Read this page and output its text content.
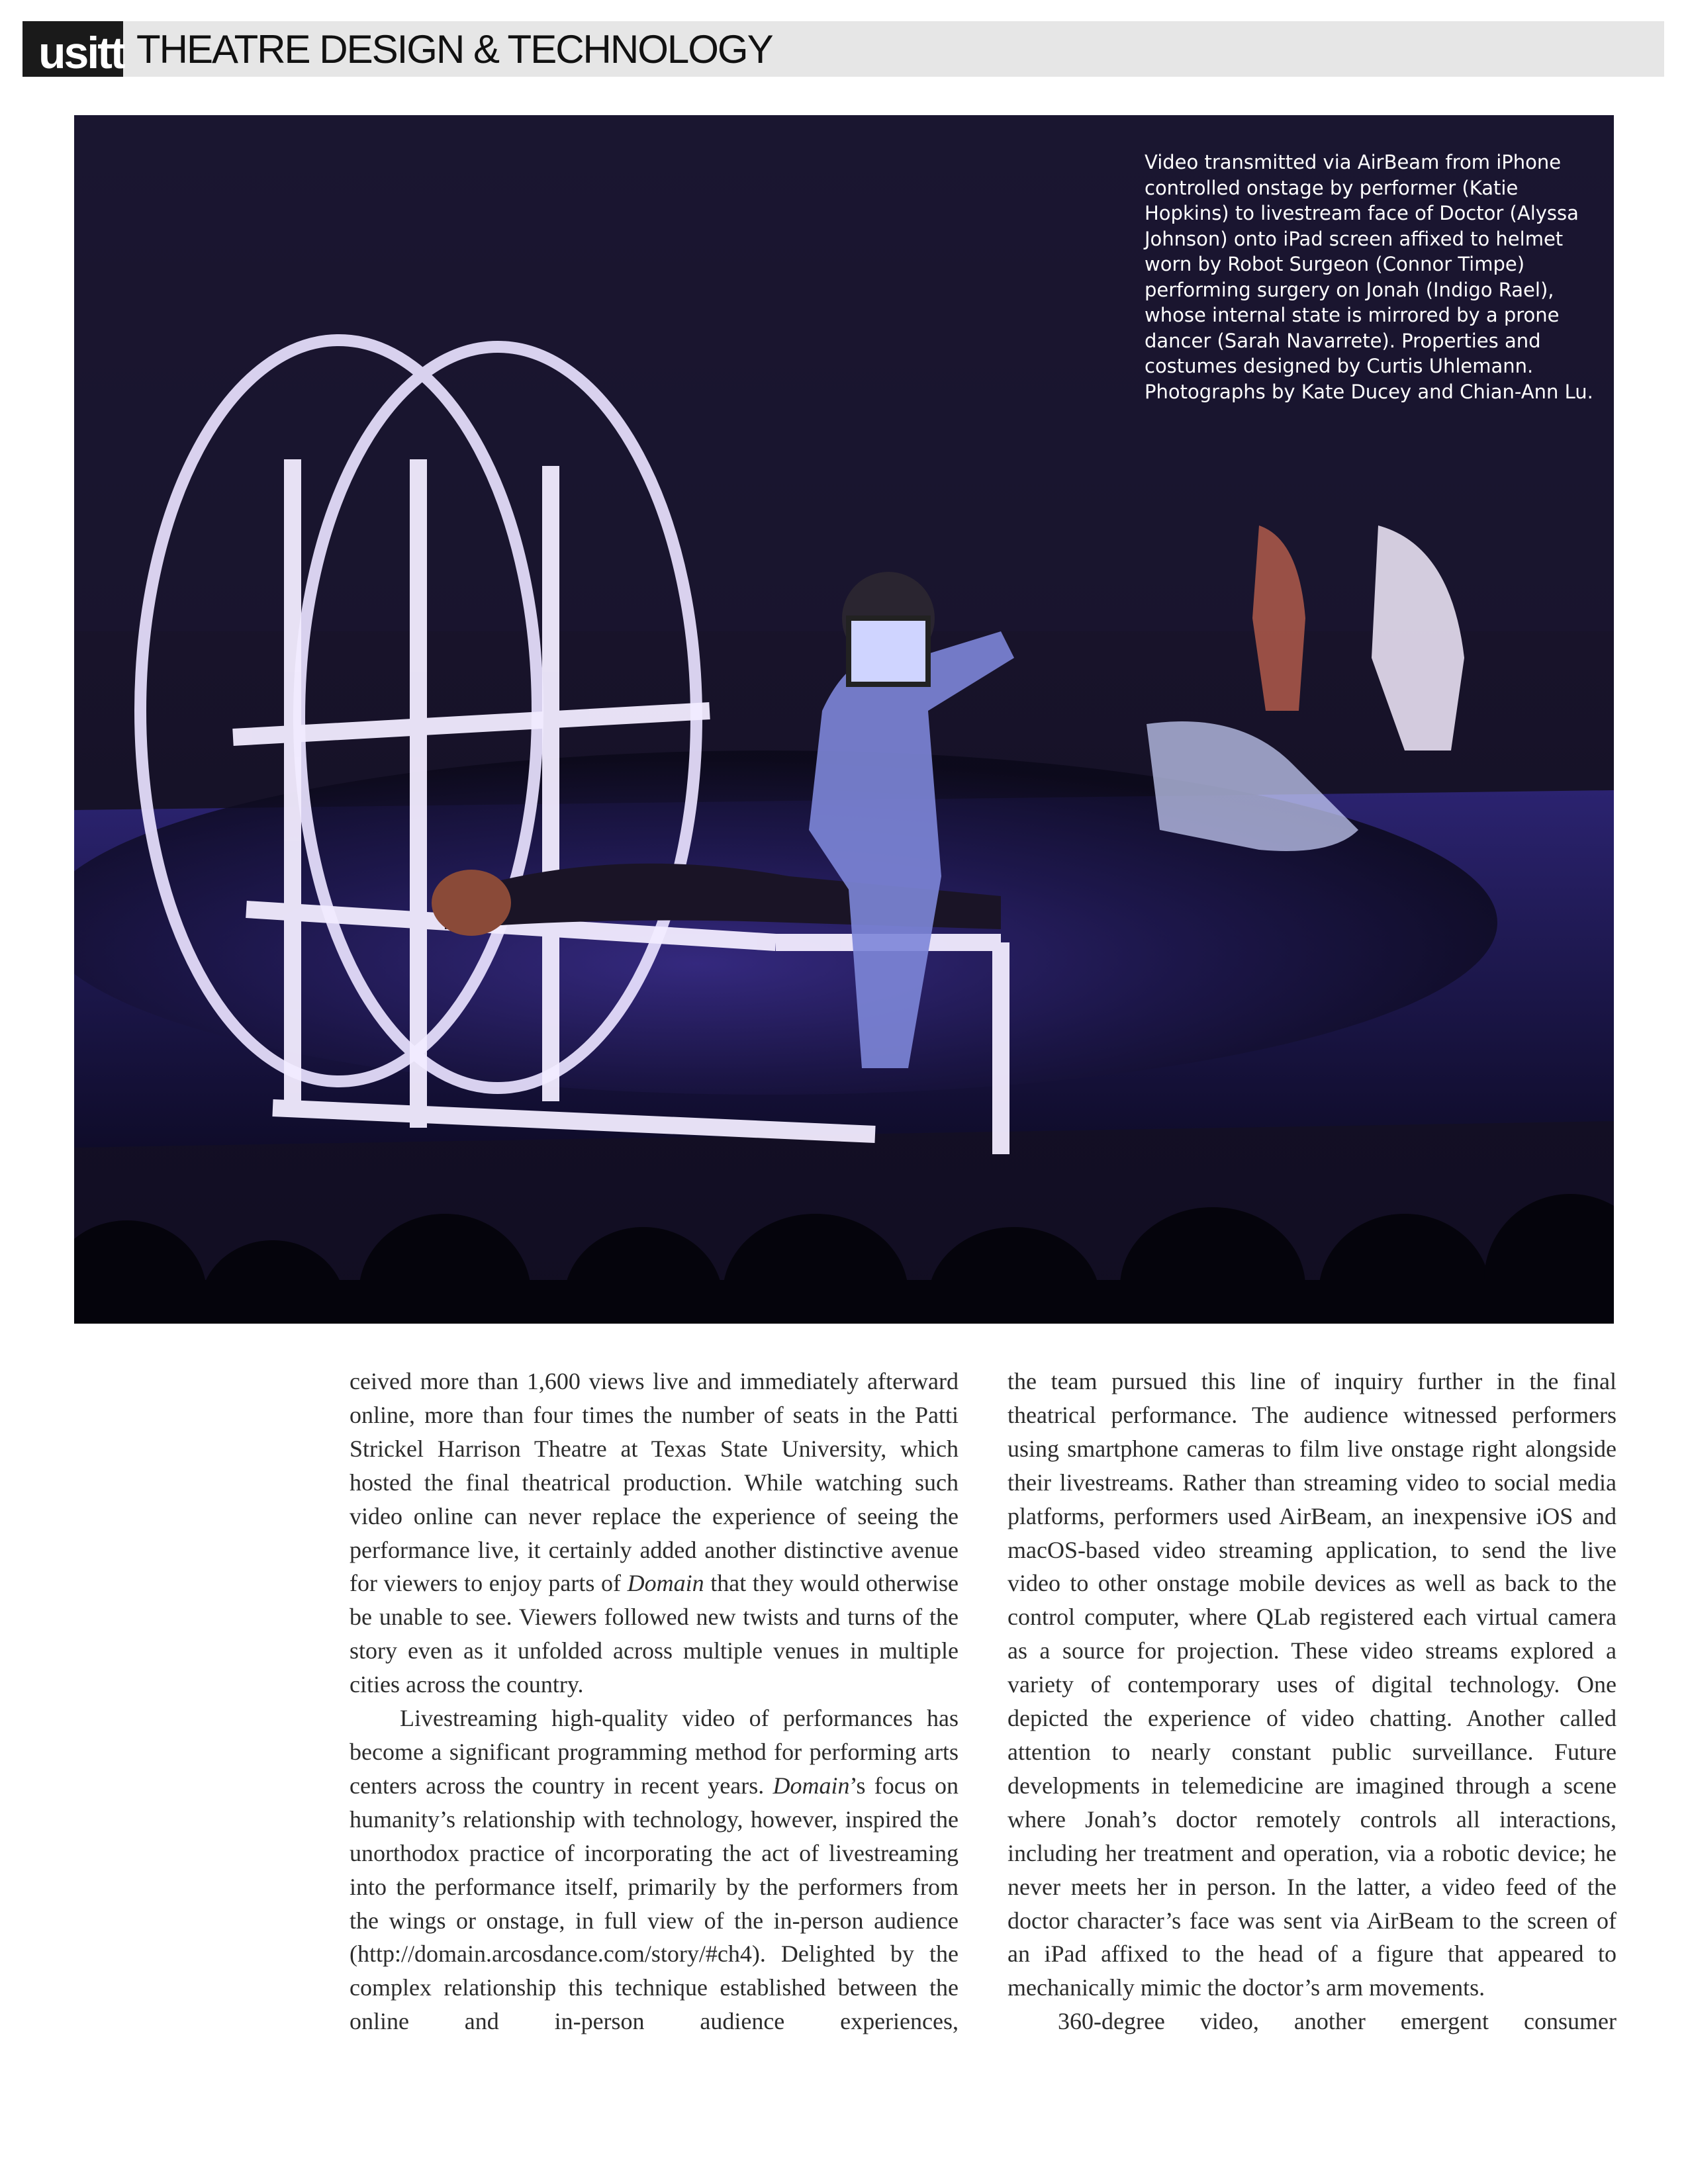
usitt THEATRE DESIGN & TECHNOLOGY
Video transmitted via AirBeam from iPhone controlled onstage by performer (Katie Hopkins) to livestream face of Doctor (Alyssa Johnson) onto iPad screen affixed to helmet worn by Robot Surgeon (Connor Timpe) performing surgery on Jonah (Indigo Rael), whose internal state is mirrored by a prone dancer (Sarah Navarrete). Properties and costumes designed by Curtis Uhlemann. Photographs by Kate Ducey and Chian-Ann Lu.

ceived more than 1,600 views live and immediately afterward online, more than four times the number of seats in the Patti Strickel Harrison Theatre at Texas State University, which hosted the final theatrical production. While watching such video online can never replace the experience of seeing the performance live, it certainly added another distinctive avenue for viewers to enjoy parts of Domain that they would otherwise be unable to see. Viewers followed new twists and turns of the story even as it unfolded across multiple venues in multiple cities across the country.

Livestreaming high-quality video of performances has become a significant programming method for performing arts centers across the country in recent years. Domain’s focus on humanity’s relationship with technology, however, inspired the unorthodox practice of incorporating the act of livestreaming into the performance itself, primarily by the performers from the wings or onstage, in full view of the in-person audience (http://domain.arcosdance.com/story/#ch4). Delighted by the complex relationship this technique established between the online and in-person audience experiences,

the team pursued this line of inquiry further in the final theatrical performance. The audience witnessed performers using smartphone cameras to film live onstage right alongside their livestreams. Rather than streaming video to social media platforms, performers used AirBeam, an inexpensive iOS and macOS-based video streaming application, to send the live video to other onstage mobile devices as well as back to the control computer, where QLab registered each virtual camera as a source for projection. These video streams explored a variety of contemporary uses of digital technology. One depicted the experience of video chatting. Another called attention to nearly constant public surveillance. Future developments in telemedicine are imagined through a scene where Jonah’s doctor remotely controls all interactions, including her treatment and operation, via a robotic device; he never meets her in person. In the latter, a video feed of the doctor character’s face was sent via AirBeam to the screen of an iPad affixed to the head of a figure that appeared to mechanically mimic the doctor’s arm movements.

360-degree video, another emergent consumer
